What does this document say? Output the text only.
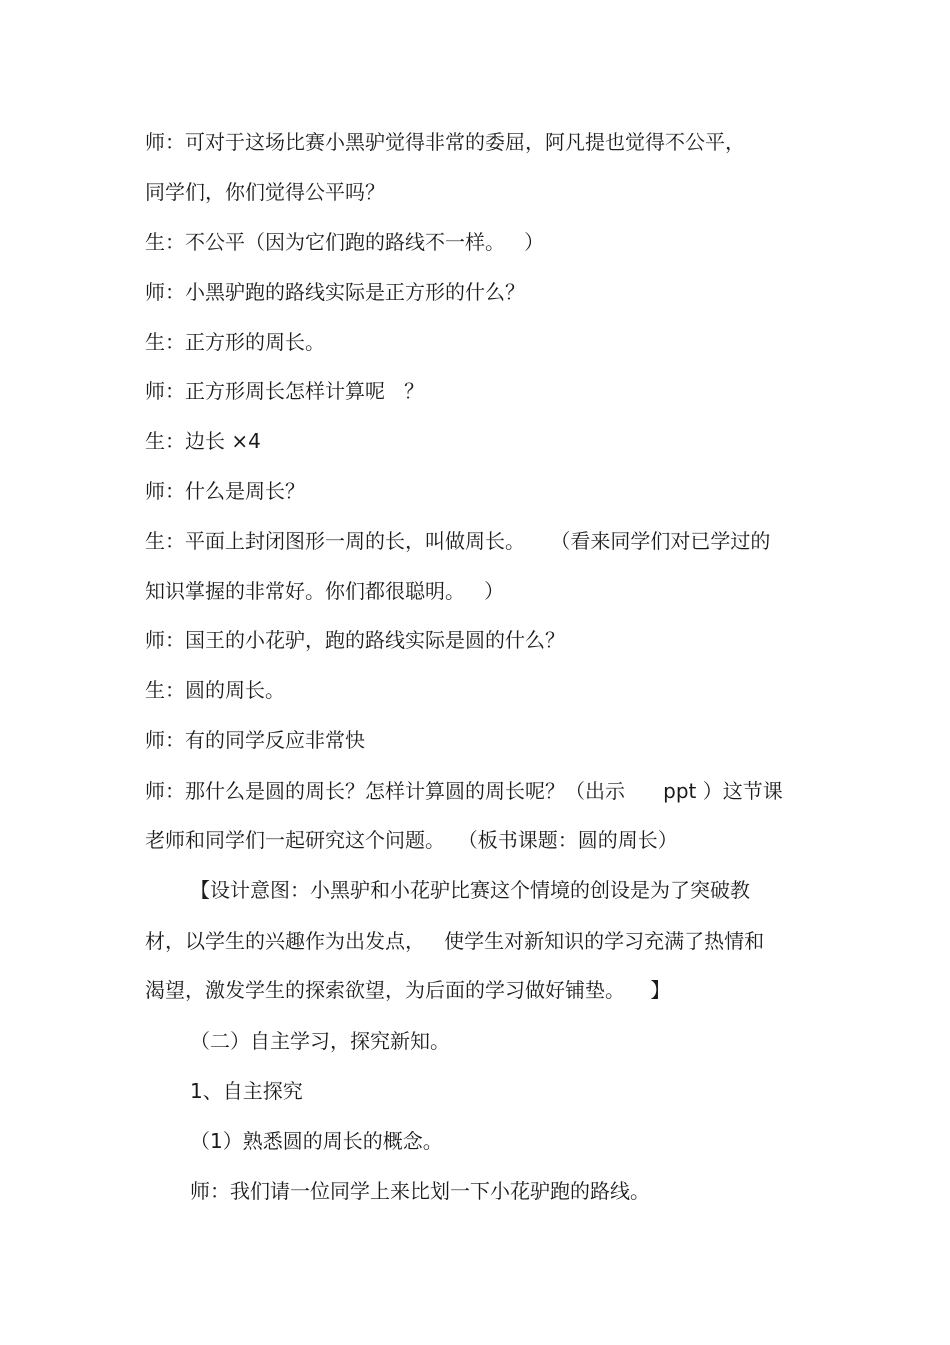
师：可对于这场比赛小黑驴觉得非常的委屈，阿凡提也觉得不公平，
同学们，你们觉得公平吗？
生：不公平（因为它们跑的路线不一样。   ）
师：小黑驴跑的路线实际是正方形的什么？
生：正方形的周长。
师：正方形周长怎样计算呢   ？
生：边长 ×4
师：什么是周长？
生：平面上封闭图形一周的长，叫做周长。    （看来同学们对已学过的
知识掌握的非常好。你们都很聪明。   ）
师：国王的小花驴，跑的路线实际是圆的什么？
生：圆的周长。
师：有的同学反应非常快
师：那什么是圆的周长？怎样计算圆的周长呢？（出示      ppt ）这节课
老师和同学们一起研究这个问题。  （板书课题：圆的周长）
【设计意图：小黑驴和小花驴比赛这个情境的创设是为了突破教
材，以学生的兴趣作为出发点，   使学生对新知识的学习充满了热情和
渴望，激发学生的探索欲望，为后面的学习做好铺垫。    】
（二）自主学习，探究新知。
1、自主探究
（1）熟悉圆的周长的概念。
师：我们请一位同学上来比划一下小花驴跑的路线。
